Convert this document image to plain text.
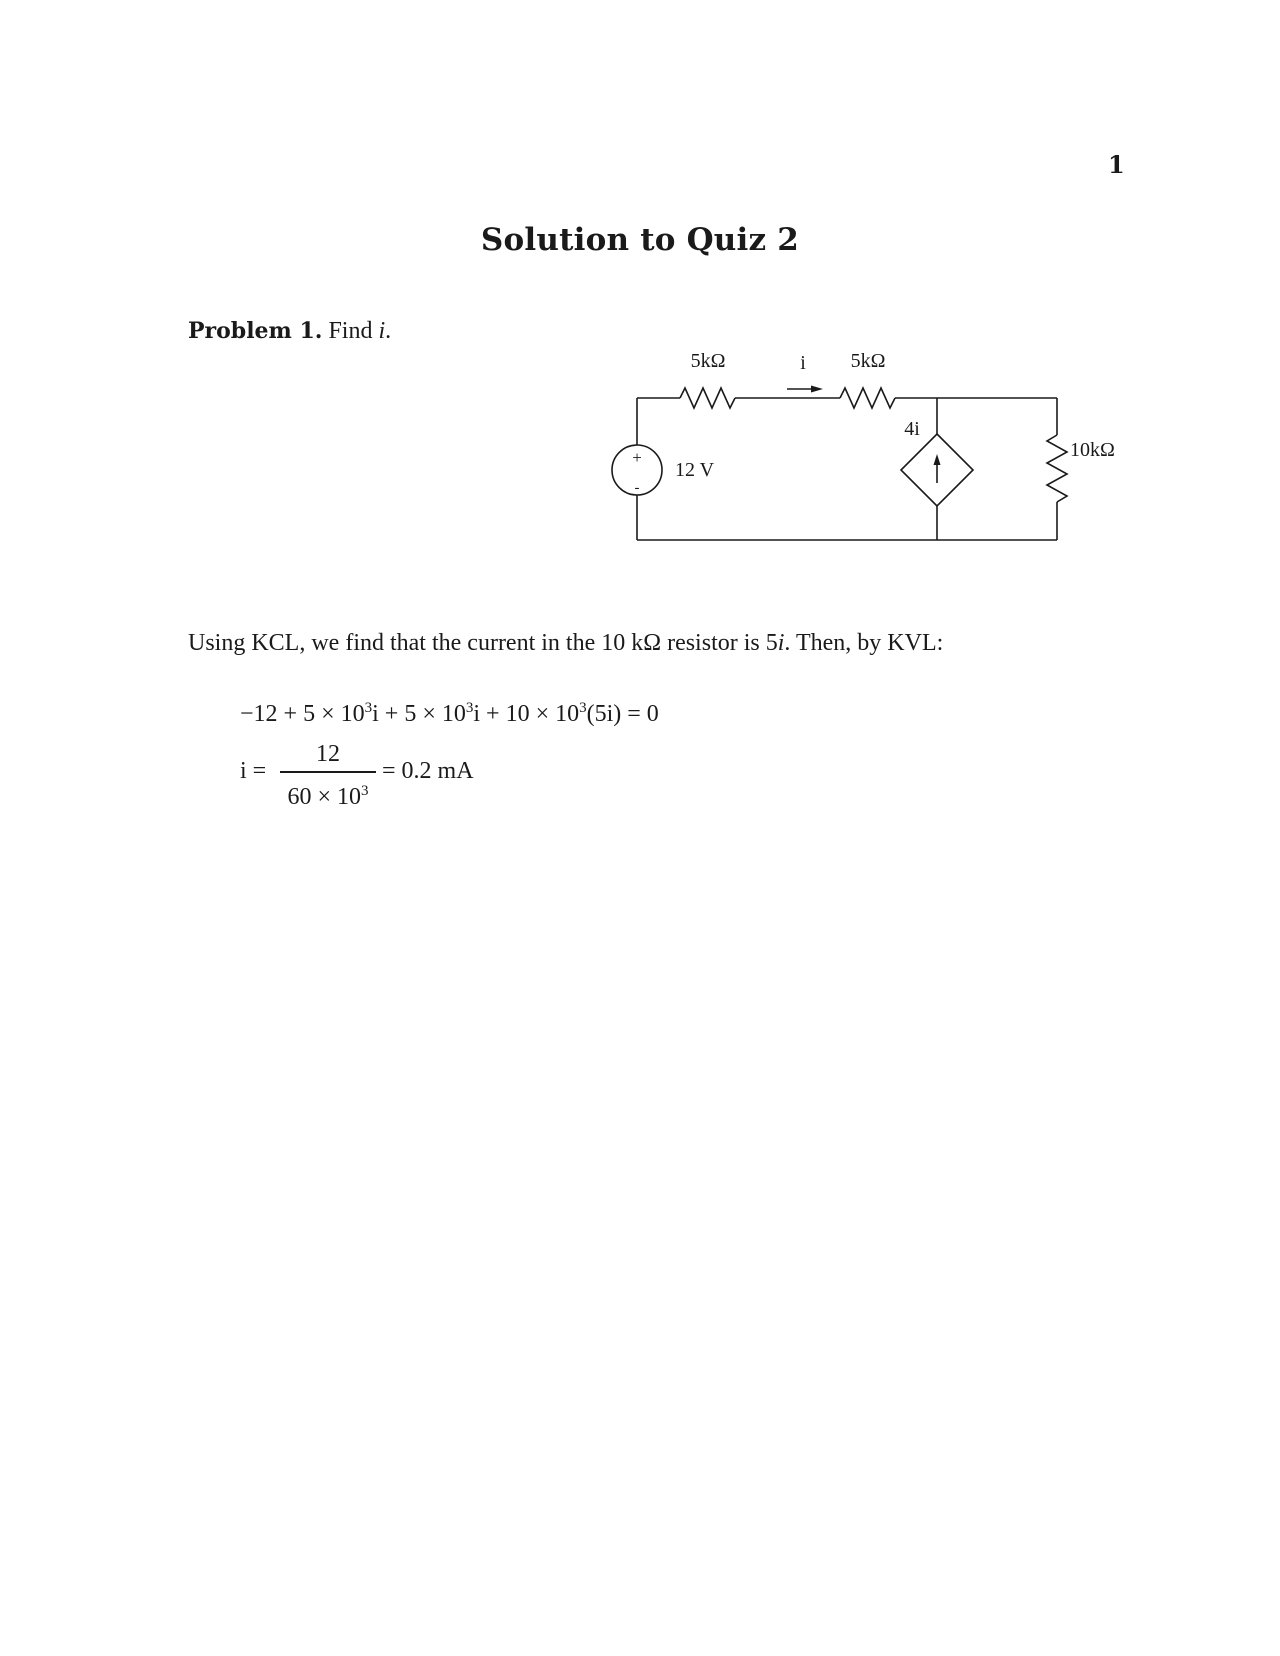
1
Solution to Quiz 2
Problem 1. Find i.
5kΩ	i 5kΩ
10kΩ
4i
12 V
+
-
Using KCL, we find that the current in the 10 kΩ resistor is 5i. Then, by KVL:
$-12 + 5 \times 10^3i + 5 \times 10^3i + 10 \times 10^3(5i) = 0$
i =
12
$60 \times 10^3$
= 0.2 mA
